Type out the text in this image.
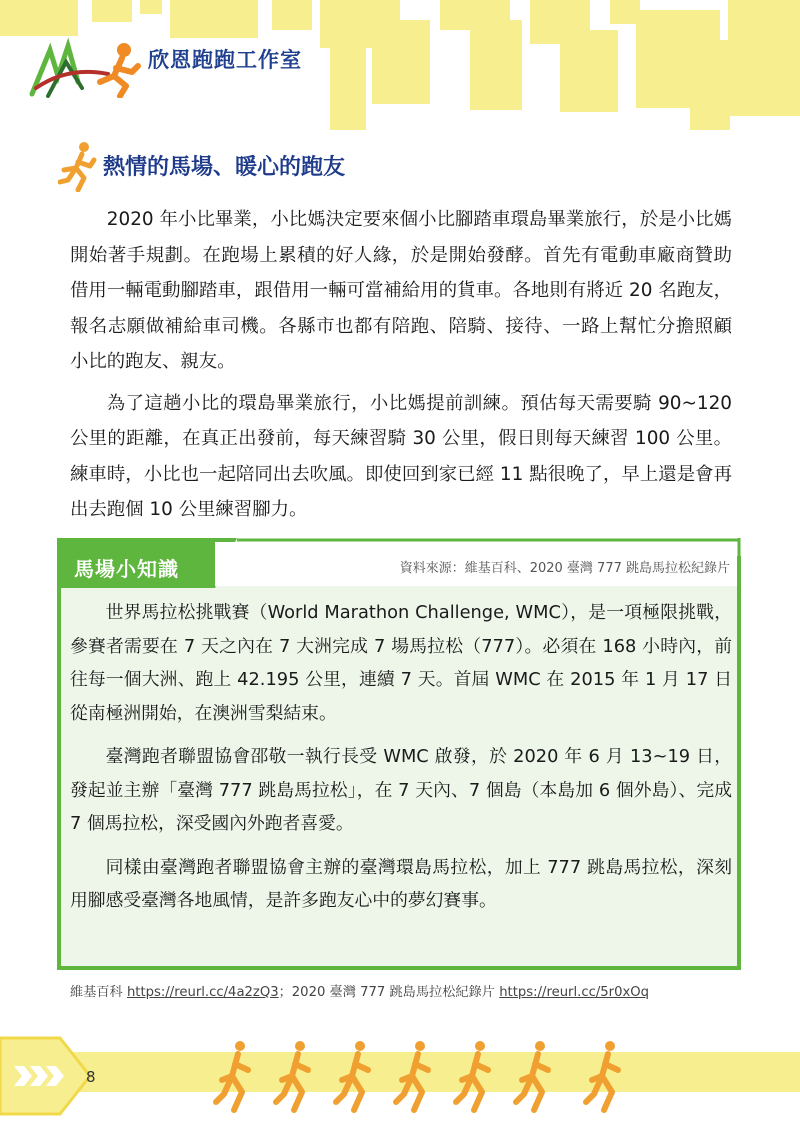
欣恩跑跑工作室
熱情的馬場、暖心的跑友

2020 年小比畢業，小比媽決定要來個小比腳踏車環島畢業旅行，於是小比媽開始著手規劃。在跑場上累積的好人緣，於是開始發酵。首先有電動車廠商贊助借用一輛電動腳踏車，跟借用一輛可當補給用的貨車。各地則有將近 20 名跑友，報名志願做補給車司機。各縣市也都有陪跑、陪騎、接待、一路上幫忙分擔照顧小比的跑友、親友。

為了這趟小比的環島畢業旅行，小比媽提前訓練。預估每天需要騎 90~120 公里的距離，在真正出發前，每天練習騎 30 公里，假日則每天練習 100 公里。練車時，小比也一起陪同出去吹風。即使回到家已經 11 點很晚了，早上還是會再出去跑個 10 公里練習腳力。

馬場小知識	資料來源：維基百科、2020 臺灣 777 跳島馬拉松紀錄片

世界馬拉松挑戰賽（World Marathon Challenge, WMC），是一項極限挑戰，參賽者需要在 7 天之內在 7 大洲完成 7 場馬拉松（777）。必須在 168 小時內，前往每一個大洲、跑上 42.195 公里，連續 7 天。首屆 WMC 在 2015 年 1 月 17 日從南極洲開始，在澳洲雪梨結束。

臺灣跑者聯盟協會邵敬一執行長受 WMC 啟發，於 2020 年 6 月 13~19 日，發起並主辦「臺灣 777 跳島馬拉松」，在 7 天內、7 個島（本島加 6 個外島）、完成 7 個馬拉松，深受國內外跑者喜愛。

同樣由臺灣跑者聯盟協會主辦的臺灣環島馬拉松，加上 777 跳島馬拉松，深刻用腳感受臺灣各地風情，是許多跑友心中的夢幻賽事。

維基百科 https://reurl.cc/4a2zQ3；2020 臺灣 777 跳島馬拉松紀錄片 https://reurl.cc/5r0xOq
8
